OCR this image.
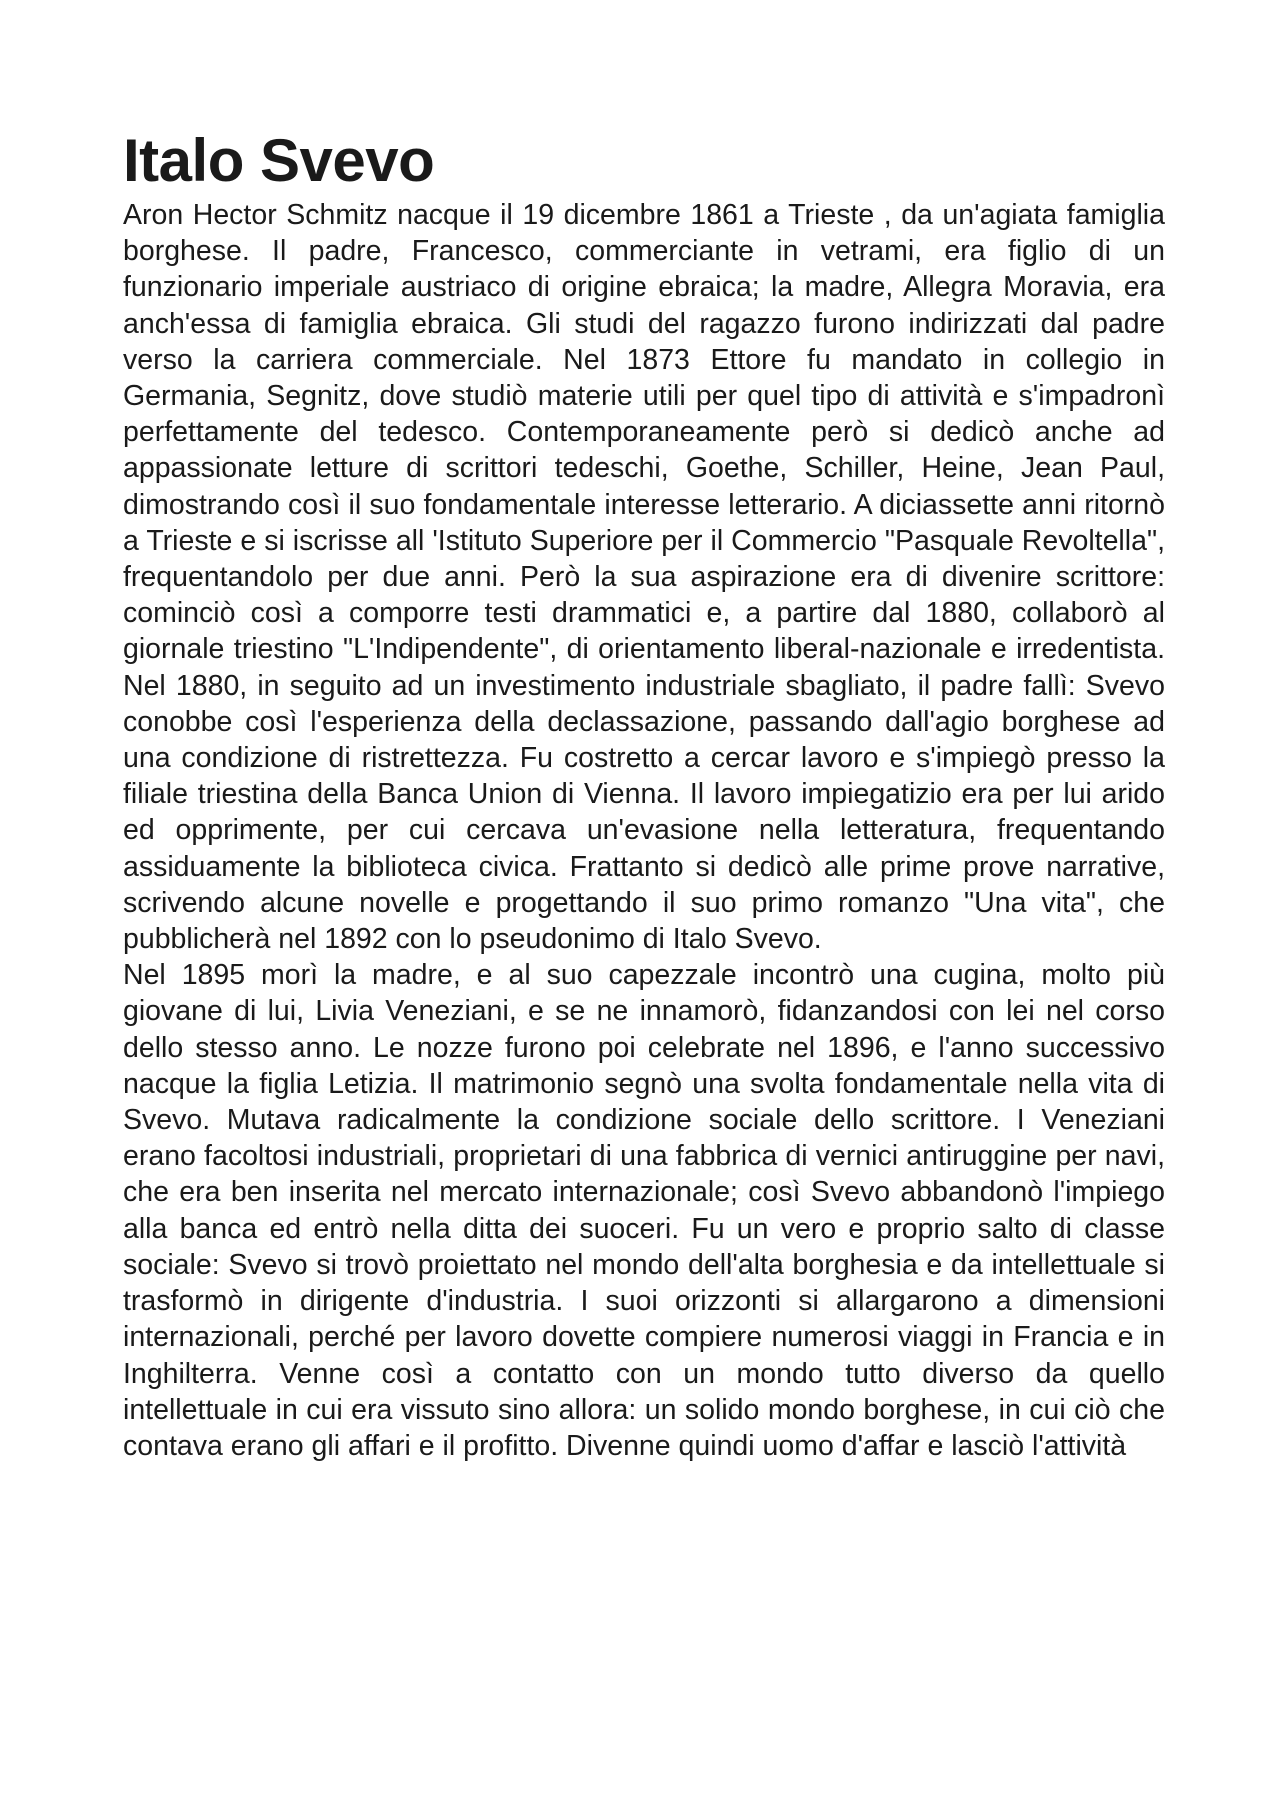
Italo Svevo

Aron Hector Schmitz nacque il 19 dicembre 1861 a Trieste , da un'agiata famiglia borghese. Il padre, Francesco, commerciante in vetrami, era figlio di un funzionario imperiale austriaco di origine ebraica; la madre, Allegra Moravia, era anch'essa di famiglia ebraica. Gli studi del ragazzo furono indirizzati dal padre verso la carriera commerciale. Nel 1873 Ettore fu mandato in collegio in Germania, Segnitz, dove studiò materie utili per quel tipo di attività e s'impadronì perfettamente del tedesco. Contemporaneamente però si dedicò anche ad appassionate letture di scrittori tedeschi, Goethe, Schiller, Heine, Jean Paul, dimostrando così il suo fondamentale interesse letterario. A diciassette anni ritornò a Trieste e si iscrisse all 'Istituto Superiore per il Commercio "Pasquale Revoltella", frequentandolo per due anni. Però la sua aspirazione era di divenire scrittore: cominciò così a comporre testi drammatici e, a partire dal 1880, collaborò al giornale triestino "L'Indipendente", di orientamento liberal-nazionale e irredentista. Nel 1880, in seguito ad un investimento industriale sbagliato, il padre fallì: Svevo conobbe così l'esperienza della declassazione, passando dall'agio borghese ad una condizione di ristrettezza. Fu costretto a cercar lavoro e s'impiegò presso la filiale triestina della Banca Union di Vienna. Il lavoro impiegatizio era per lui arido ed opprimente, per cui cercava un'evasione nella letteratura, frequentando assiduamente la biblioteca civica. Frattanto si dedicò alle prime prove narrative, scrivendo alcune novelle e progettando il suo primo romanzo "Una vita", che pubblicherà nel 1892 con lo pseudonimo di Italo Svevo.

Nel 1895 morì la madre, e al suo capezzale incontrò una cugina, molto più giovane di lui, Livia Veneziani, e se ne innamorò, fidanzandosi con lei nel corso dello stesso anno. Le nozze furono poi celebrate nel 1896, e l'anno successivo nacque la figlia Letizia. Il matrimonio segnò una svolta fondamentale nella vita di Svevo. Mutava radicalmente la condizione sociale dello scrittore. I Veneziani erano facoltosi industriali, proprietari di una fabbrica di vernici antiruggine per navi, che era ben inserita nel mercato internazionale; così Svevo abbandonò l'impiego alla banca ed entrò nella ditta dei suoceri. Fu un vero e proprio salto di classe sociale: Svevo si trovò proiettato nel mondo dell'alta borghesia e da intellettuale si trasformò in dirigente d'industria. I suoi orizzonti si allargarono a dimensioni internazionali, perché per lavoro dovette compiere numerosi viaggi in Francia e in Inghilterra. Venne così a contatto con un mondo tutto diverso da quello intellettuale in cui era vissuto sino allora: un solido mondo borghese, in cui ciò che contava erano gli affari e il profitto. Divenne quindi uomo d'affar e lasciò l'attività
